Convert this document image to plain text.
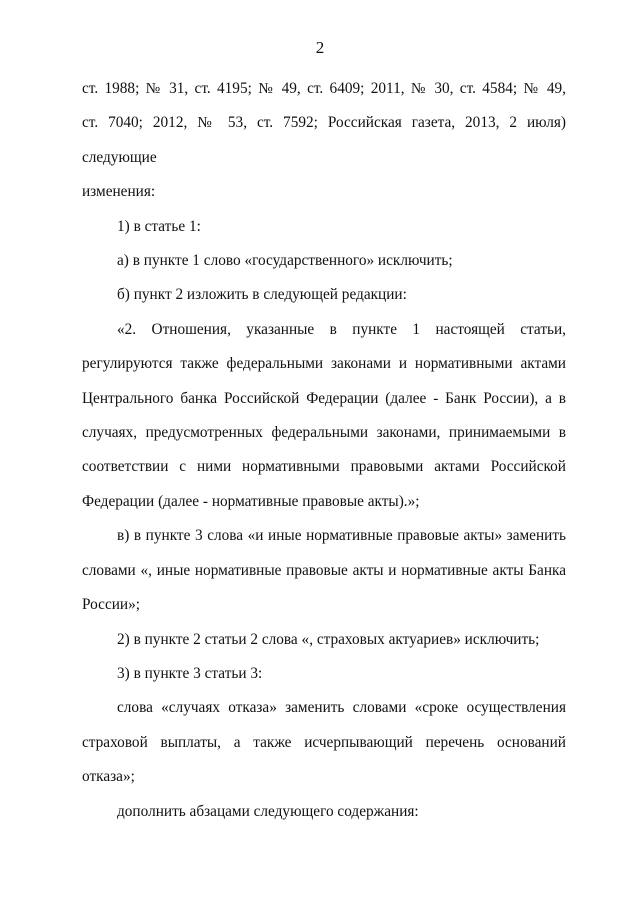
2

ст. 1988; № 31, ст. 4195; № 49, ст. 6409; 2011, № 30, ст. 4584; № 49,

ст. 7040; 2012, № 53, ст. 7592; Российская газета, 2013, 2 июля) следующие

изменения:

1) в статье 1:

а) в пункте 1 слово «государственного» исключить;

б) пункт 2 изложить в следующей редакции:

«2. Отношения, указанные в пункте 1 настоящей статьи, регулируются также федеральными законами и нормативными актами Центрального банка Российской Федерации (далее - Банк России), а в случаях, предусмотренных федеральными законами, принимаемыми в соответствии с ними нормативными правовыми актами Российской Федерации (далее - нормативные правовые акты).»;

в) в пункте 3 слова «и иные нормативные правовые акты» заменить словами «, иные нормативные правовые акты и нормативные акты Банка России»;

2) в пункте 2 статьи 2 слова «, страховых актуариев» исключить;

3) в пункте 3 статьи 3:

слова «случаях отказа» заменить словами «сроке осуществления страховой выплаты, а также исчерпывающий перечень оснований отказа»;

дополнить абзацами следующего содержания:
